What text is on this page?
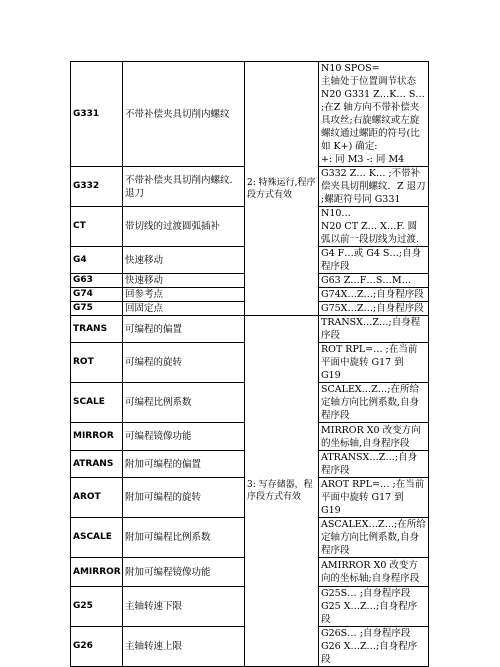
G331	不带补偿夹具切削内螺纹	2: 特殊运行,程序段方式有效	N10 SPOS=
主轴处于位置调节状态
N20 G331 Z…K… S… ;在Z 轴方向不带补偿夹具攻丝;右旋螺纹或左旋螺纹通过螺距的符号(比如 K+) 确定:
+: 同 M3 -: 同 M4
G332	不带补偿夹具切削内螺纹． 退刀		G332 Z… K… ;不带补偿夹具切削螺纹．Z 退刀 ;螺距符号同 G331
CT	带切线的过渡圆弧插补		N10…
N20 CT Z… X…F. 圆弧以前一段切线为过渡.
G4	快速移动		G4 F…或 G4 S…;自身程序段
G63	快速移动		G63 Z…F…S…M…
G74	回参考点		G74X…Z…;自身程序段
G75	回固定点		G75X…Z…;自身程序段
TRANS	可编程的偏置	3: 写存储器，程序段方式有效	TRANSX…Z…;自身程序段
ROT	可编程的旋转		ROT RPL=… ;在当前平面中旋转 G17 到 G19
SCALE	可编程比例系数		SCALEX…Z…;在所给定轴方向比例系数,自身程序段
MIRROR	可编程镜像功能		MIRROR X0 改变方向的坐标轴,自身程序段
ATRANS	附加可编程的偏置		ATRANSX…Z…;自身程序段
AROT	附加可编程的旋转		AROT RPL=… ;在当前平面中旋转 G17 到 G19
ASCALE	附加可编程比例系数		ASCALEX…Z…;在所给定轴方向比例系数,自身程序段
AMIRROR	附加可编程镜像功能		AMIRROR X0 改变方向的坐标轴;自身程序段
G25	主轴转速下限		G25S… ;自身程序段 G25 X…Z…;自身程序段
G26	主轴转速上限		G26S… ;自身程序段 G26 X…Z…;自身程序段
